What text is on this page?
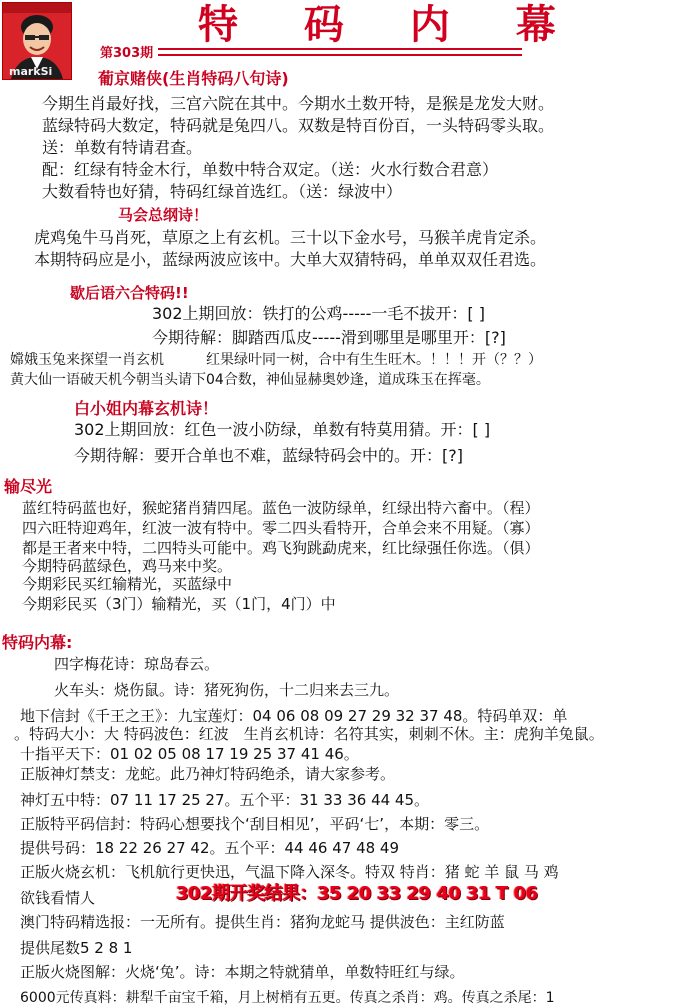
markSi
特 码 内 幕
第303期
葡京赌侠(生肖特码八句诗)
今期生肖最好找，三宫六院在其中。今期水土数开特，是猴是龙发大财。
蓝绿特码大数定，特码就是兔四八。双数是特百份百，一头特码零头取。
送：单数有特请君查。
配：红绿有特金木行，单数中特合双定。（送：火水行数合君意）
大数看特也好猜，特码红绿首选红。（送：绿波中）
马会总纲诗！
虎鸡兔牛马肖死，草原之上有玄机。三十以下金水号，马猴羊虎肯定杀。
本期特码应是小，蓝绿两波应该中。大单大双猜特码，单单双双任君选。
歇后语六合特码!!
302上期回放：铁打的公鸡-----一毛不拔开：[ ]
今期待解：脚踏西瓜皮-----滑到哪里是哪里开：[?]
嫦娥玉兔来探望一肖玄机　　　红果绿叶同一树，合中有生生旺木。！！！开（？？）
黄大仙一语破天机今朝当头请下04合数，神仙显赫奥妙逢，道成珠玉在挥毫。
白小姐内幕玄机诗！
302上期回放：红色一波小防绿，单数有特莫用猜。开：[ ]
今期待解：要开合单也不难，蓝绿特码会中的。开：[?]
输尽光
蓝红特码蓝也好，猴蛇猪肖猜四尾。蓝色一波防绿单，红绿出特六畜中。（程）
四六旺特迎鸡年，红波一波有特中。零二四头看特开，合单会来不用疑。（寡）
都是王者来中特，二四特头可能中。鸡飞狗跳勐虎来，红比绿强任你选。（俱）
今期特码蓝绿色，鸡马来中奖。
今期彩民买红输精光，买蓝绿中
今期彩民买（3门）输精光，买（1门，4门）中
特码内幕:
四字梅花诗：琼岛春云。
火车头：烧伤鼠。诗：猪死狗伤，十二归来去三九。
地下信封《千王之王》：九宝莲灯：04 06 08 09 27 29 32 37 48。特码单双：单
。特码大小：大 特码波色：红波　生肖玄机诗：名符其实，刺刺不休。主：虎狗羊兔鼠。
十指平天下：01 02 05 08 17 19 25 37 41 46。
正版神灯禁支：龙蛇。此乃神灯特码绝杀，请大家参考。
神灯五中特：07 11 17 25 27。五个平：31 33 36 44 45。
正版特平码信封：特码心想要找个‘刮目相见’，平码‘七’，本期：零三。
提供号码：18 22 26 27 42。五个平：44 46 47 48 49
正版火烧玄机：飞机航行更快迅，气温下降入深冬。特双 特肖：猪 蛇 羊 鼠 马 鸡
欲钱看情人	302期开奖结果：35 20 33 29 40 31 T 06
澳门特码精选报：一无所有。提供生肖：猪狗龙蛇马 提供波色：主红防蓝
提供尾数5 2 8 1
正版火烧图解：火烧‘兔’。诗：本期之特就猜单，单数特旺红与绿。
6000元传真料：耕犁千亩宝千箱，月上树梢有五更。传真之杀肖：鸡。传真之杀尾：1
